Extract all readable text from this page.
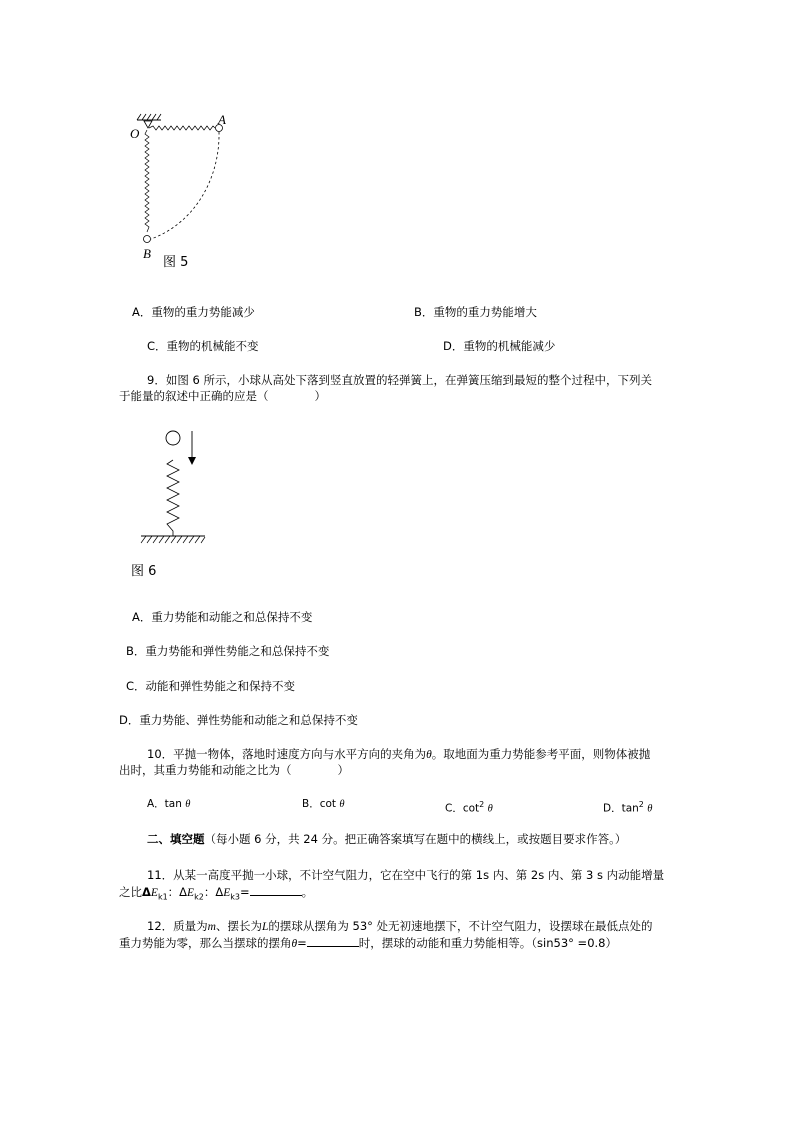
O
A
B
图 5
A．重物的重力势能减少	B．重物的重力势能增大
C．重物的机械能不变	D．重物的机械能减少
9．如图 6 所示，小球从高处下落到竖直放置的轻弹簧上，在弹簧压缩到最短的整个过程中，下列关
于能量的叙述中正确的应是（　　　　）
图 6
A．重力势能和动能之和总保持不变
B．重力势能和弹性势能之和总保持不变
C．动能和弹性势能之和保持不变
D．重力势能、弹性势能和动能之和总保持不变
10．平抛一物体，落地时速度方向与水平方向的夹角为θ。取地面为重力势能参考平面，则物体被抛
出时，其重力势能和动能之比为（　　　　）
A．tan θ	B．cot θ	C．$\cot^2 \theta$	D．$\tan^2 \theta$
二、填空题（每小题 6 分，共 24 分。把正确答案填写在题中的横线上，或按题目要求作答。）
11．从某一高度平抛一小球，不计空气阻力，它在空中飞行的第 1s 内、第 2s 内、第 3 s 内动能增量
之比$\Delta E_{k1}$：$\Delta E_{k2}$：$\Delta E_{k3}=$	。
12．质量为m、摆长为L的摆球从摆角为 53° 处无初速地摆下，不计空气阻力，设摆球在最低点处的
重力势能为零，那么当摆球的摆角θ=	时，摆球的动能和重力势能相等。（sin53° =0.8）
